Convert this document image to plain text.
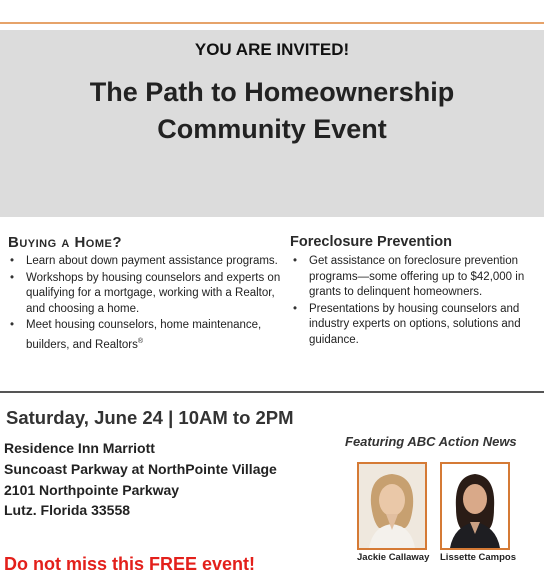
YOU ARE INVITED!
The Path to Homeownership
Community Event
Buying a Home?
• Learn about down payment assistance programs.
• Workshops by housing counselors and experts on qualifying for a mortgage, working with a Realtor, and choosing a home.
• Meet housing counselors, home maintenance, builders, and Realtors®
Foreclosure Prevention
• Get assistance on foreclosure prevention programs—some offering up to $42,000 in grants to delinquent homeowners.
• Presentations by housing counselors and industry experts on options, solutions and guidance.
Saturday, June 24 | 10AM to 2PM
Residence Inn Marriott
Suncoast Parkway at NorthPointe Village
2101 Northpointe Parkway
Lutz. Florida 33558
Featuring ABC Action News
Jackie Callaway Lissette Campos
Do not miss this FREE event!
